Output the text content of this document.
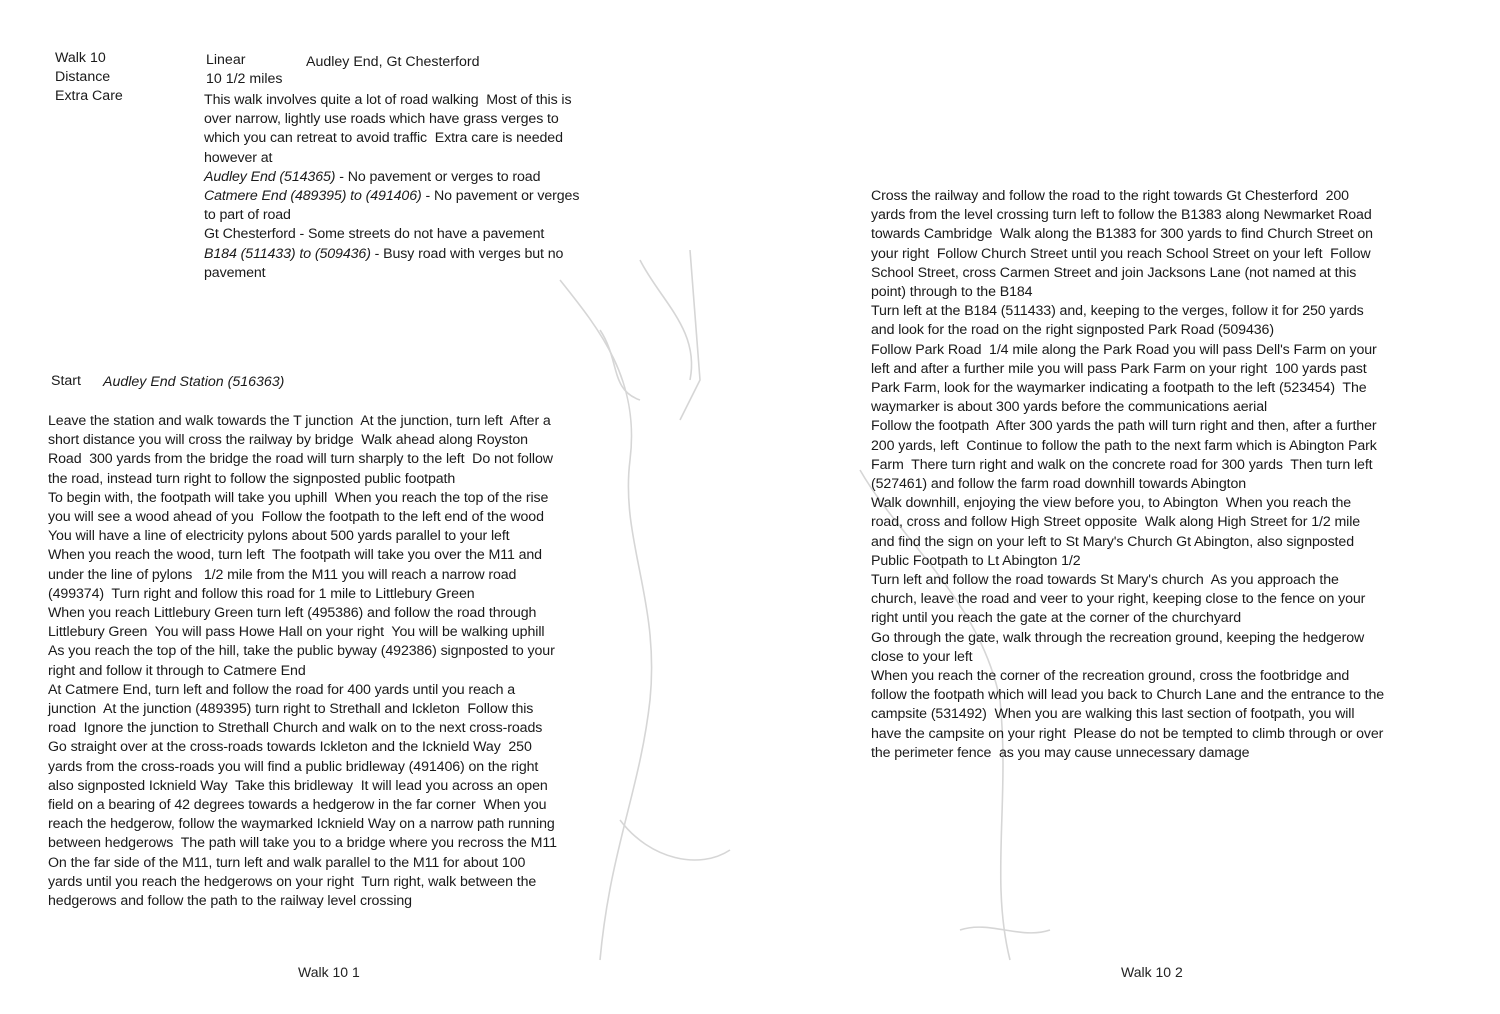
Walk 10
Distance
Extra Care
Linear	Audley End, Gt Chesterford
10 1/2 miles
This walk involves quite a lot of road walking  Most of this is
over narrow, lightly use roads which have grass verges to
which you can retreat to avoid traffic  Extra care is needed
however at
Audley End (514365) - No pavement or verges to road
Catmere End (489395) to (491406) - No pavement or verges
to part of road
Gt Chesterford - Some streets do not have a pavement
B184 (511433) to (509436) - Busy road with verges but no
pavement
Start Audley End Station (516363)
Leave the station and walk towards the T junction  At the junction, turn left  After a
short distance you will cross the railway by bridge  Walk ahead along Royston
Road  300 yards from the bridge the road will turn sharply to the left  Do not follow
the road, instead turn right to follow the signposted public footpath
To begin with, the footpath will take you uphill  When you reach the top of the rise
you will see a wood ahead of you  Follow the footpath to the left end of the wood
You will have a line of electricity pylons about 500 yards parallel to your left
When you reach the wood, turn left  The footpath will take you over the M11 and
under the line of pylons   1/2 mile from the M11 you will reach a narrow road
(499374)  Turn right and follow this road for 1 mile to Littlebury Green
When you reach Littlebury Green turn left (495386) and follow the road through
Littlebury Green  You will pass Howe Hall on your right  You will be walking uphill
As you reach the top of the hill, take the public byway (492386) signposted to your
right and follow it through to Catmere End
At Catmere End, turn left and follow the road for 400 yards until you reach a
junction  At the junction (489395) turn right to Strethall and Ickleton  Follow this
road  Ignore the junction to Strethall Church and walk on to the next cross-roads
Go straight over at the cross-roads towards Ickleton and the Icknield Way  250
yards from the cross-roads you will find a public bridleway (491406) on the right
also signposted Icknield Way  Take this bridleway  It will lead you across an open
field on a bearing of 42 degrees towards a hedgerow in the far corner  When you
reach the hedgerow, follow the waymarked Icknield Way on a narrow path running
between hedgerows  The path will take you to a bridge where you recross the M11
On the far side of the M11, turn left and walk parallel to the M11 for about 100
yards until you reach the hedgerows on your right  Turn right, walk between the
hedgerows and follow the path to the railway level crossing
Walk 10 1
Cross the railway and follow the road to the right towards Gt Chesterford  200
yards from the level crossing turn left to follow the B1383 along Newmarket Road
towards Cambridge  Walk along the B1383 for 300 yards to find Church Street on
your right  Follow Church Street until you reach School Street on your left  Follow
School Street, cross Carmen Street and join Jacksons Lane (not named at this
point) through to the B184
Turn left at the B184 (511433) and, keeping to the verges, follow it for 250 yards
and look for the road on the right signposted Park Road (509436)
Follow Park Road  1/4 mile along the Park Road you will pass Dell's Farm on your
left and after a further mile you will pass Park Farm on your right  100 yards past
Park Farm, look for the waymarker indicating a footpath to the left (523454)  The
waymarker is about 300 yards before the communications aerial
Follow the footpath  After 300 yards the path will turn right and then, after a further
200 yards, left  Continue to follow the path to the next farm which is Abington Park
Farm  There turn right and walk on the concrete road for 300 yards  Then turn left
(527461) and follow the farm road downhill towards Abington
Walk downhill, enjoying the view before you, to Abington  When you reach the
road, cross and follow High Street opposite  Walk along High Street for 1/2 mile
and find the sign on your left to St Mary's Church Gt Abington, also signposted
Public Footpath to Lt Abington 1/2
Turn left and follow the road towards St Mary's church  As you approach the
church, leave the road and veer to your right, keeping close to the fence on your
right until you reach the gate at the corner of the churchyard
Go through the gate, walk through the recreation ground, keeping the hedgerow
close to your left
When you reach the corner of the recreation ground, cross the footbridge and
follow the footpath which will lead you back to Church Lane and the entrance to the
campsite (531492)  When you are walking this last section of footpath, you will
have the campsite on your right  Please do not be tempted to climb through or over
the perimeter fence  as you may cause unnecessary damage
Walk 10 2
